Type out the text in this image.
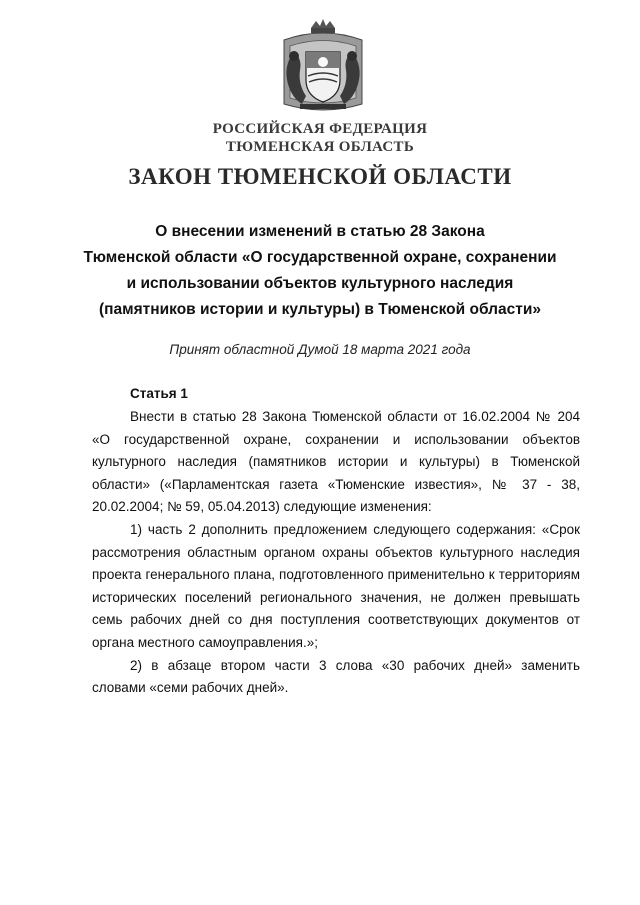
РОССИЙСКАЯ ФЕДЕРАЦИЯ
ТЮМЕНСКАЯ ОБЛАСТЬ
ЗАКОН ТЮМЕНСКОЙ ОБЛАСТИ
О внесении изменений в статью 28 Закона
Тюменской области «О государственной охране, сохранении
и использовании объектов культурного наследия
(памятников истории и культуры) в Тюменской области»
Принят областной Думой 18 марта 2021 года
Статья 1

Внести в статью 28 Закона Тюменской области от 16.02.2004 № 204 «О государственной охране, сохранении и использовании объектов культурного наследия (памятников истории и культуры) в Тюменской области» («Парламентская газета «Тюменские известия», № 37 - 38, 20.02.2004; № 59, 05.04.2013) следующие изменения:

1) часть 2 дополнить предложением следующего содержания: «Срок рассмотрения областным органом охраны объектов культурного наследия проекта генерального плана, подготовленного применительно к территориям исторических поселений регионального значения, не должен превышать семь рабочих дней со дня поступления соответствующих документов от органа местного самоуправления.»;

2) в абзаце втором части 3 слова «30 рабочих дней» заменить словами «семи рабочих дней».
